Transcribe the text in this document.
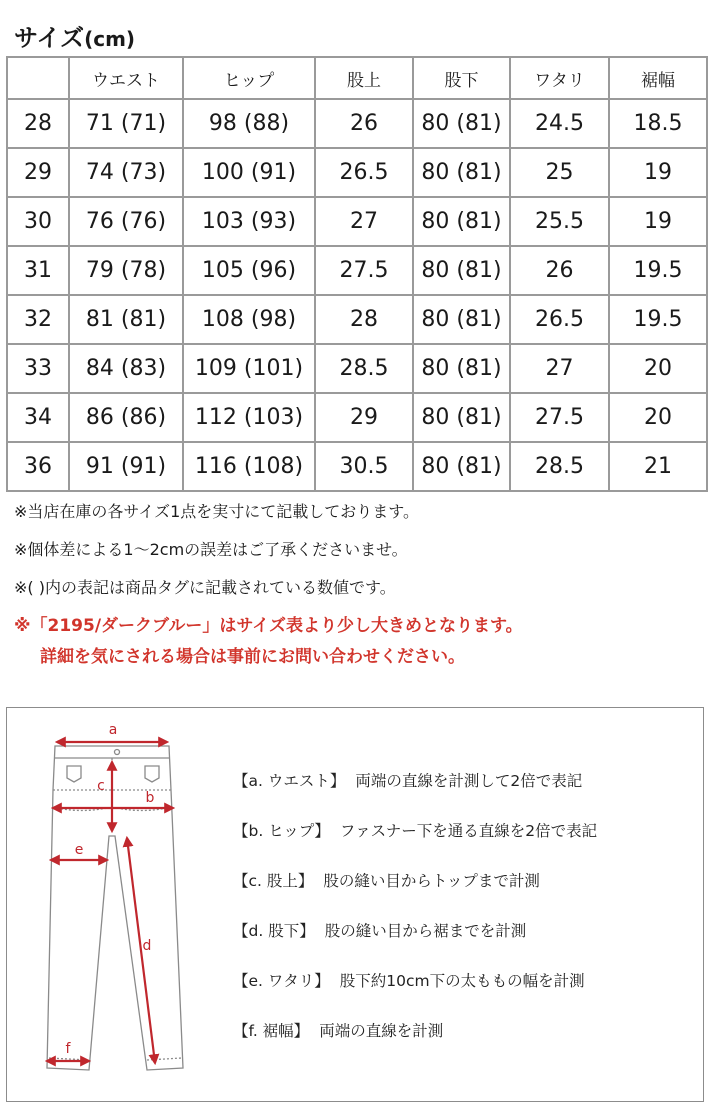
サイズ(cm)
	ウエスト	ヒップ	股上	股下	ワタリ	裾幅
28	71 (71)	98 (88)	26	80 (81)	24.5	18.5
29	74 (73)	100 (91)	26.5	80 (81)	25	19
30	76 (76)	103 (93)	27	80 (81)	25.5	19
31	79 (78)	105 (96)	27.5	80 (81)	26	19.5
32	81 (81)	108 (98)	28	80 (81)	26.5	19.5
33	84 (83)	109 (101)	28.5	80 (81)	27	20
34	86 (86)	112 (103)	29	80 (81)	27.5	20
36	91 (91)	116 (108)	30.5	80 (81)	28.5	21
※当店在庫の各サイズ1点を実寸にて記載しております。
※個体差による1〜2cmの誤差はご了承くださいませ。
※( )内の表記は商品タグに記載されている数値です。
※「2195/ダークブルー」はサイズ表より少し大きめとなります。
詳細を気にされる場合は事前にお問い合わせください。
a
b
c
d
e
f
【a. ウエスト】 両端の直線を計測して2倍で表記
【b. ヒップ】 ファスナー下を通る直線を2倍で表記
【c. 股上】 股の縫い目からトップまで計測
【d. 股下】 股の縫い目から裾までを計測
【e. ワタリ】 股下約10cm下の太ももの幅を計測
【f. 裾幅】 両端の直線を計測
